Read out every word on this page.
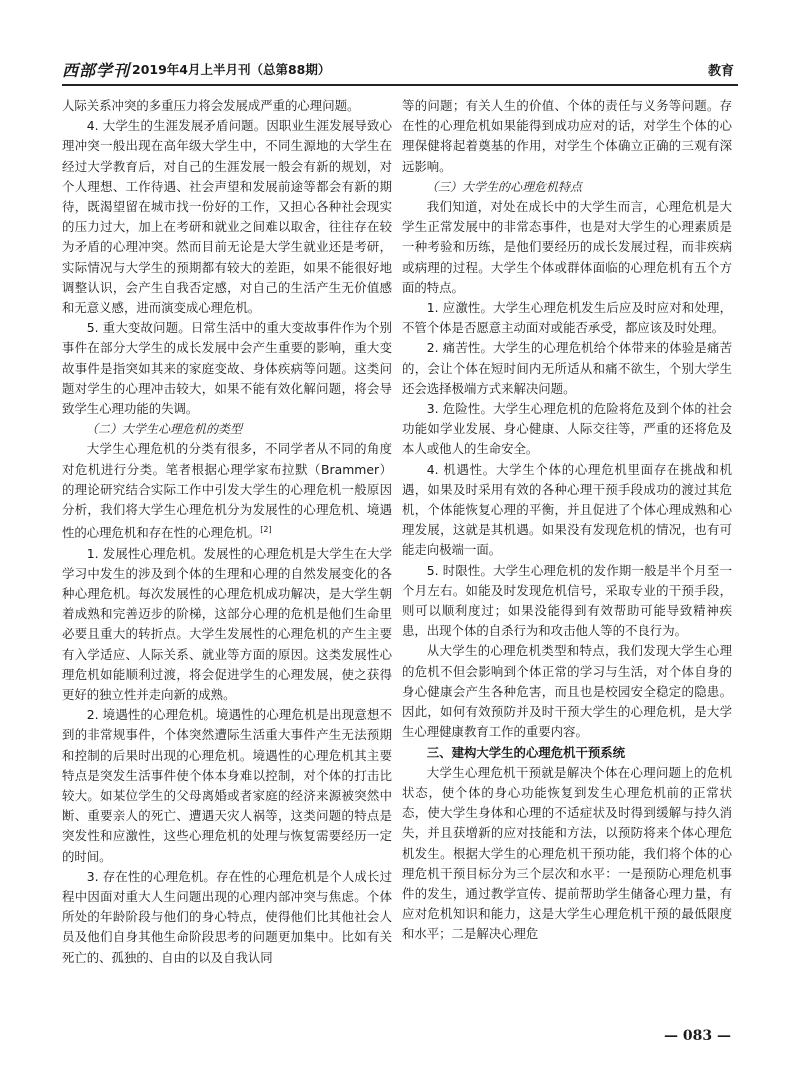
西部学刊 2019年4月上半月刊（总第88期）	教育

人际关系冲突的多重压力将会发展成严重的心理问题。

4. 大学生的生涯发展矛盾问题。因职业生涯发展导致心理冲突一般出现在高年级大学生中，不同生源地的大学生在经过大学教育后，对自己的生涯发展一般会有新的规划，对个人理想、工作待遇、社会声望和发展前途等都会有新的期待，既渴望留在城市找一份好的工作，又担心各种社会现实的压力过大，加上在考研和就业之间难以取舍，往往存在较为矛盾的心理冲突。然而目前无论是大学生就业还是考研，实际情况与大学生的预期都有较大的差距，如果不能很好地调整认识，会产生自我否定感，对自己的生活产生无价值感和无意义感，进而演变成心理危机。

5. 重大变故问题。日常生活中的重大变故事件作为个别事件在部分大学生的成长发展中会产生重要的影响，重大变故事件是指突如其来的家庭变故、身体疾病等问题。这类问题对学生的心理冲击较大，如果不能有效化解问题，将会导致学生心理功能的失调。

（二）大学生心理危机的类型

大学生心理危机的分类有很多，不同学者从不同的角度对危机进行分类。笔者根据心理学家布拉默（Brammer）的理论研究结合实际工作中引发大学生的心理危机一般原因分析，我们将大学生心理危机分为发展性的心理危机、境遇性的心理危机和存在性的心理危机。[2]

1. 发展性心理危机。发展性的心理危机是大学生在大学学习中发生的涉及到个体的生理和心理的自然发展变化的各种心理危机。每次发展性的心理危机成功解决，是大学生朝着成熟和完善迈步的阶梯，这部分心理的危机是他们生命里必要且重大的转折点。大学生发展性的心理危机的产生主要有入学适应、人际关系、就业等方面的原因。这类发展性心理危机如能顺利过渡，将会促进学生的心理发展，使之获得更好的独立性并走向新的成熟。

2. 境遇性的心理危机。境遇性的心理危机是出现意想不到的非常规事件，个体突然遭际生活重大事件产生无法预期和控制的后果时出现的心理危机。境遇性的心理危机其主要特点是突发生活事件使个体本身难以控制，对个体的打击比较大。如某位学生的父母离婚或者家庭的经济来源被突然中断、重要亲人的死亡、遭遇天灾人祸等，这类问题的特点是突发性和应激性，这些心理危机的处理与恢复需要经历一定的时间。

3. 存在性的心理危机。存在性的心理危机是个人成长过程中因面对重大人生问题出现的心理内部冲突与焦虑。个体所处的年龄阶段与他们的身心特点，使得他们比其他社会人员及他们自身其他生命阶段思考的问题更加集中。比如有关死亡的、孤独的、自由的以及自我认同

等的问题；有关人生的价值、个体的责任与义务等问题。存在性的心理危机如果能得到成功应对的话，对学生个体的心理保健将起着奠基的作用，对学生个体确立正确的三观有深远影响。

（三）大学生的心理危机特点

我们知道，对处在成长中的大学生而言，心理危机是大学生正常发展中的非常态事件，也是对大学生的心理素质是一种考验和历练，是他们要经历的成长发展过程，而非疾病或病理的过程。大学生个体或群体面临的心理危机有五个方面的特点。

1. 应激性。大学生心理危机发生后应及时应对和处理，不管个体是否愿意主动面对或能否承受，都应该及时处理。

2. 痛苦性。大学生的心理危机给个体带来的体验是痛苦的，会让个体在短时间内无所适从和痛不欲生，个别大学生还会选择极端方式来解决问题。

3. 危险性。大学生心理危机的危险将危及到个体的社会功能如学业发展、身心健康、人际交往等，严重的还将危及本人或他人的生命安全。

4. 机遇性。大学生个体的心理危机里面存在挑战和机遇，如果及时采用有效的各种心理干预手段成功的渡过其危机，个体能恢复心理的平衡，并且促进了个体心理成熟和心理发展，这就是其机遇。如果没有发现危机的情况，也有可能走向极端一面。

5. 时限性。大学生心理危机的发作期一般是半个月至一个月左右。如能及时发现危机信号，采取专业的干预手段，则可以顺利度过；如果没能得到有效帮助可能导致精神疾患，出现个体的自杀行为和攻击他人等的不良行为。

从大学生的心理危机类型和特点，我们发现大学生心理的危机不但会影响到个体正常的学习与生活，对个体自身的身心健康会产生各种危害，而且也是校园安全稳定的隐患。因此，如何有效预防并及时干预大学生的心理危机，是大学生心理健康教育工作的重要内容。

三、建构大学生的心理危机干预系统

大学生心理危机干预就是解决个体在心理问题上的危机状态，使个体的身心功能恢复到发生心理危机前的正常状态，使大学生身体和心理的不适症状及时得到缓解与持久消失，并且获增新的应对技能和方法，以预防将来个体心理危机发生。根据大学生的心理危机干预功能，我们将个体的心理危机干预目标分为三个层次和水平：一是预防心理危机事件的发生，通过教学宣传、提前帮助学生储备心理力量，有应对危机知识和能力，这是大学生心理危机干预的最低限度和水平；二是解决心理危

— 083 —
